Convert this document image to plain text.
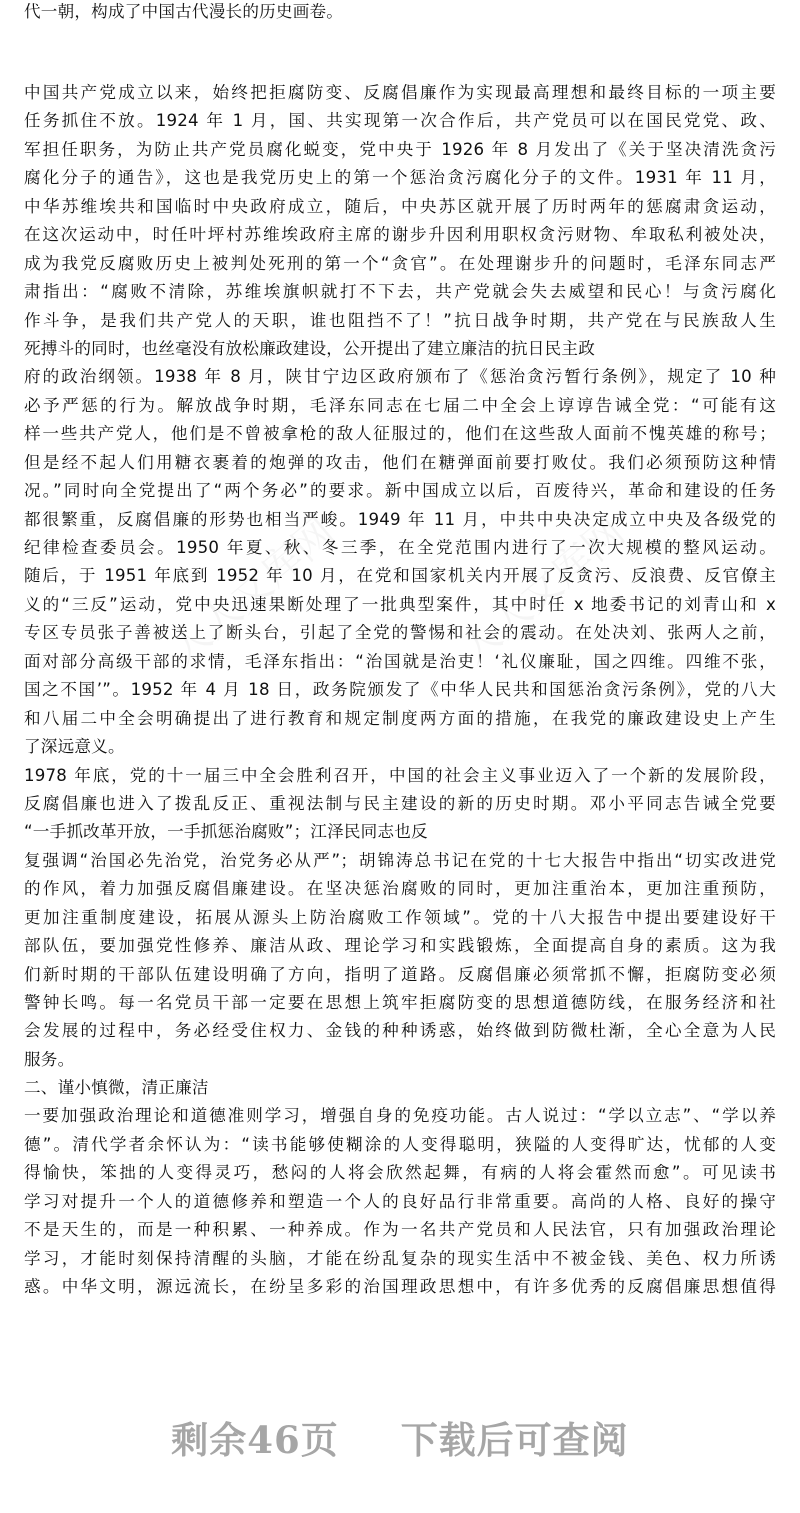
代一朝，构成了中国古代漫长的历史画卷。
中国共产党成立以来，始终把拒腐防变、反腐倡廉作为实现最高理想和最终目标的一项主要
任务抓住不放。1924 年 1 月，国、共实现第一次合作后，共产党员可以在国民党党、政、
军担任职务，为防止共产党员腐化蜕变，党中央于 1926 年 8 月发出了《关于坚决清洗贪污
腐化分子的通告》，这也是我党历史上的第一个惩治贪污腐化分子的文件。1931 年 11 月，
中华苏维埃共和国临时中央政府成立，随后，中央苏区就开展了历时两年的惩腐肃贪运动，
在这次运动中，时任叶坪村苏维埃政府主席的谢步升因利用职权贪污财物、牟取私利被处决，
成为我党反腐败历史上被判处死刑的第一个“贪官”。在处理谢步升的问题时，毛泽东同志严
肃指出：“腐败不清除，苏维埃旗帜就打不下去，共产党就会失去威望和民心！与贪污腐化
作斗争，是我们共产党人的天职，谁也阻挡不了！”抗日战争时期，共产党在与民族敌人生
死搏斗的同时，也丝毫没有放松廉政建设，公开提出了建立廉洁的抗日民主政
府的政治纲领。1938 年 8 月，陕甘宁边区政府颁布了《惩治贪污暂行条例》，规定了 10 种
必予严惩的行为。解放战争时期，毛泽东同志在七届二中全会上谆谆告诫全党：“可能有这
样一些共产党人，他们是不曾被拿枪的敌人征服过的，他们在这些敌人面前不愧英雄的称号；
但是经不起人们用糖衣裹着的炮弹的攻击，他们在糖弹面前要打败仗。我们必须预防这种情
况。”同时向全党提出了“两个务必”的要求。新中国成立以后，百废待兴，革命和建设的任务
都很繁重，反腐倡廉的形势也相当严峻。1949 年 11 月，中共中央决定成立中央及各级党的
纪律检查委员会。1950 年夏、秋、冬三季，在全党范围内进行了一次大规模的整风运动。
随后，于 1951 年底到 1952 年 10 月，在党和国家机关内开展了反贪污、反浪费、反官僚主
义的“三反”运动，党中央迅速果断处理了一批典型案件，其中时任 x 地委书记的刘青山和 x
专区专员张子善被送上了断头台，引起了全党的警惕和社会的震动。在处决刘、张两人之前，
面对部分高级干部的求情，毛泽东指出：“治国就是治吏！‘礼仪廉耻，国之四维。四维不张，
国之不国’”。1952 年 4 月 18 日，政务院颁发了《中华人民共和国惩治贪污条例》，党的八大
和八届二中全会明确提出了进行教育和规定制度两方面的措施，在我党的廉政建设史上产生
了深远意义。
1978 年底，党的十一届三中全会胜利召开，中国的社会主义事业迈入了一个新的发展阶段，
反腐倡廉也进入了拨乱反正、重视法制与民主建设的新的历史时期。邓小平同志告诫全党要
“一手抓改革开放，一手抓惩治腐败”；江泽民同志也反
复强调“治国必先治党，治党务必从严”；胡锦涛总书记在党的十七大报告中指出“切实改进党
的作风，着力加强反腐倡廉建设。在坚决惩治腐败的同时，更加注重治本，更加注重预防，
更加注重制度建设，拓展从源头上防治腐败工作领域”。党的十八大报告中提出要建设好干
部队伍，要加强党性修养、廉洁从政、理论学习和实践锻炼，全面提高自身的素质。这为我
们新时期的干部队伍建设明确了方向，指明了道路。反腐倡廉必须常抓不懈，拒腐防变必须
警钟长鸣。每一名党员干部一定要在思想上筑牢拒腐防变的思想道德防线，在服务经济和社
会发展的过程中，务必经受住权力、金钱的种种诱惑，始终做到防微杜渐，全心全意为人民
服务。
二、谨小慎微，清正廉洁
一要加强政治理论和道德准则学习，增强自身的免疫功能。古人说过：“学以立志”、“学以养
德”。清代学者余怀认为：“读书能够使糊涂的人变得聪明，狭隘的人变得旷达，忧郁的人变
得愉快，笨拙的人变得灵巧，愁闷的人将会欣然起舞，有病的人将会霍然而愈”。可见读书
学习对提升一个人的道德修养和塑造一个人的良好品行非常重要。高尚的人格、良好的操守
不是天生的，而是一种积累、一种养成。作为一名共产党员和人民法官，只有加强政治理论
学习，才能时刻保持清醒的头脑，才能在纷乱复杂的现实生活中不被金钱、美色、权力所诱
惑。中华文明，源远流长，在纷呈多彩的治国理政思想中，有许多优秀的反腐倡廉思想值得
剩余46页 下载后可查阅
